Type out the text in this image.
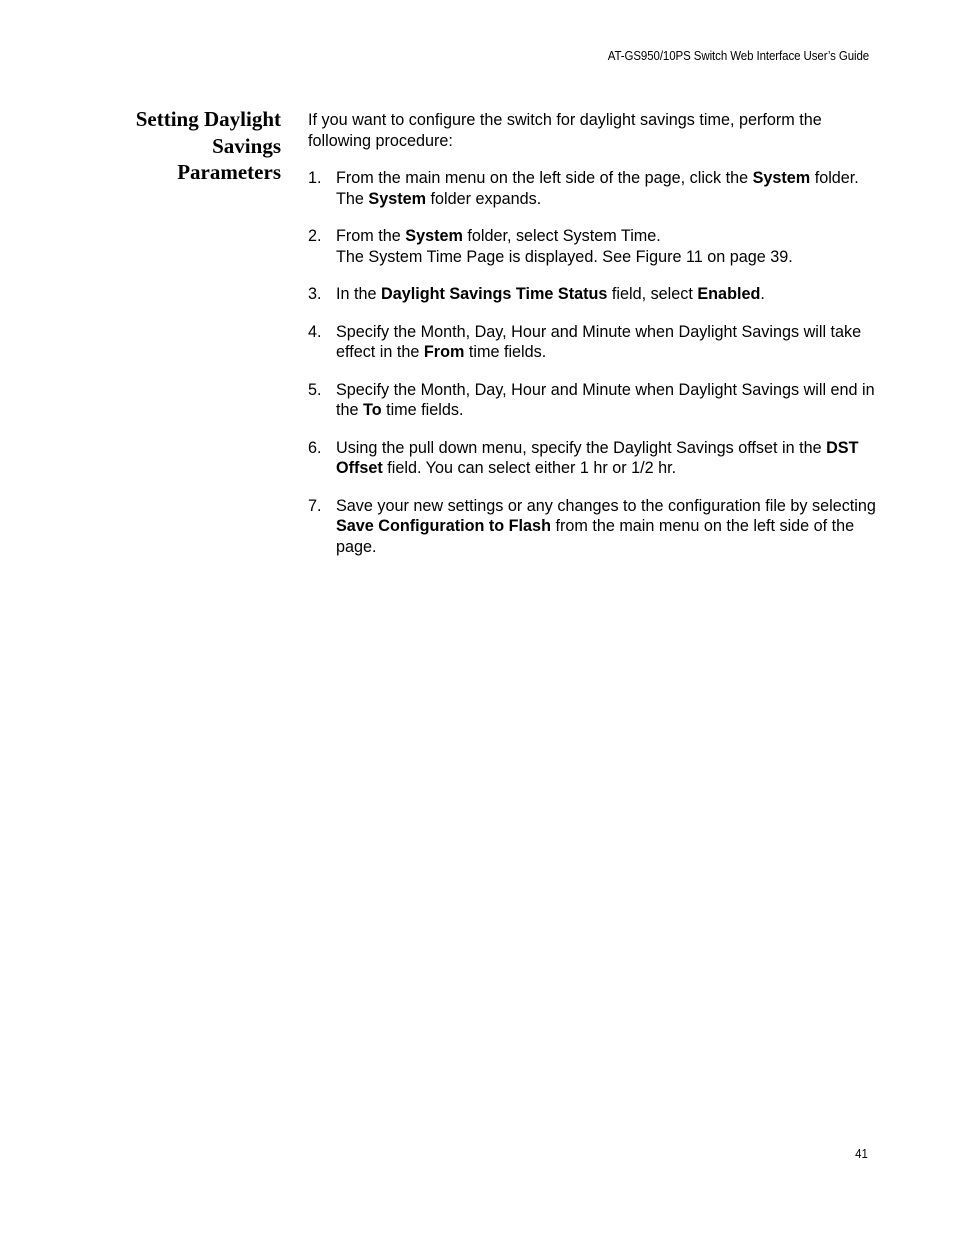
AT-GS950/10PS Switch Web Interface User’s Guide
Setting Daylight
Savings
Parameters

If you want to configure the switch for daylight savings time, perform the following procedure:

1. From the main menu on the left side of the page, click the System folder.
The System folder expands.
2. From the System folder, select System Time.
The System Time Page is displayed. See Figure 11 on page 39.
3. In the Daylight Savings Time Status field, select Enabled.
4. Specify the Month, Day, Hour and Minute when Daylight Savings will take effect in the From time fields.
5. Specify the Month, Day, Hour and Minute when Daylight Savings will end in the To time fields.
6. Using the pull down menu, specify the Daylight Savings offset in the DST Offset field. You can select either 1 hr or 1/2 hr.
7. Save your new settings or any changes to the configuration file by selecting Save Configuration to Flash from the main menu on the left side of the page.
41
